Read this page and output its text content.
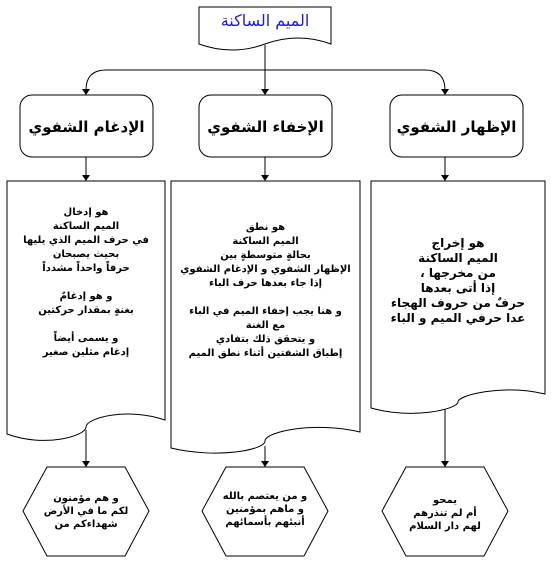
الميم الساكنة
الإدغام الشفوي	الإخفاء الشفوي	الإظهار الشفوي
هو إدخال
الميم الساكنة
في حرف الميم الذي يليها
بحيث يصبحان
حرفاً واحداً مشدداً
و هو إدغامٌ
بغنةٍ بمقدار حركتين
و يسمى أيضاً
إدغام مثلين صغير
هو نطق
الميم الساكنة
بحالةٍ متوسطةٍ بين
الإظهار الشفوي و الإدغام الشفوي
إذا جاء بعدها حرف الباء
و هنا يجب إخفاء الميم في الباء
مع الغنة
و يتحقق ذلك بتفادي
إطباق الشفتين أثناء نطق الميم
هو إخراج
الميم الساكنة
من مخرجها ،
إذا أتى بعدها
حرفٌ من حروف الهجاء
عدا حرفي الميم و الباء
و هم مؤمنون
لكم ما في الأرض
شهداءكم من
و من يعتصم بالله
و ماهم بمؤمنين
أنبئهم بأسمائهم
يمحو
أم لم تنذرهم
لهم دار السلام
